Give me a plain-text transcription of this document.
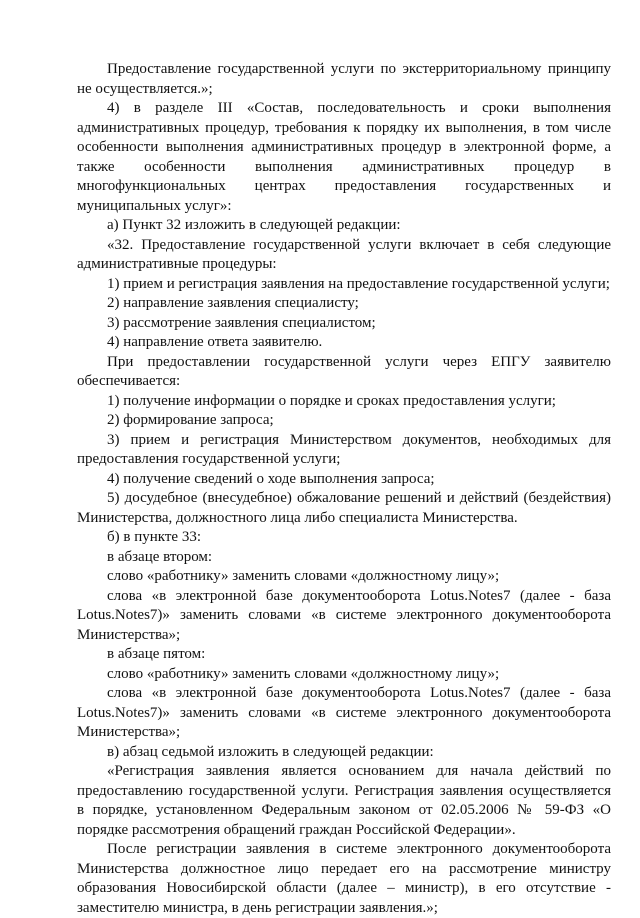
Предоставление государственной услуги по экстерриториальному принципу не осуществляется.»;

4) в разделе III «Состав, последовательность и сроки выполнения административных процедур, требования к порядку их выполнения, в том числе особенности выполнения административных процедур в электронной форме, а также особенности выполнения административных процедур в многофункциональных центрах предоставления государственных и муниципальных услуг»:

а) Пункт 32 изложить в следующей редакции:

«32. Предоставление государственной услуги включает в себя следующие административные процедуры:

1) прием и регистрация заявления на предоставление государственной услуги;

2) направление заявления специалисту;

3) рассмотрение заявления специалистом;

4) направление ответа заявителю.

При предоставлении государственной услуги через ЕПГУ заявителю обеспечивается:

1) получение информации о порядке и сроках предоставления услуги;

2) формирование запроса;

3) прием и регистрация Министерством документов, необходимых для предоставления государственной услуги;

4) получение сведений о ходе выполнения запроса;

5) досудебное (внесудебное) обжалование решений и действий (бездействия) Министерства, должностного лица либо специалиста Министерства.

б) в пункте 33:

в абзаце втором:

слово «работнику» заменить словами «должностному лицу»;

слова «в электронной базе документооборота Lotus.Notes7 (далее - база Lotus.Notes7)» заменить словами «в системе электронного документооборота Министерства»;

в абзаце пятом:

слово «работнику» заменить словами «должностному лицу»;

слова «в электронной базе документооборота Lotus.Notes7 (далее - база Lotus.Notes7)» заменить словами «в системе электронного документооборота Министерства»;

в) абзац седьмой изложить в следующей редакции:

«Регистрация заявления является основанием для начала действий по предоставлению государственной услуги. Регистрация заявления осуществляется в порядке, установленном Федеральным законом от 02.05.2006 № 59-ФЗ «О порядке рассмотрения обращений граждан Российской Федерации».

После регистрации заявления в системе электронного документооборота Министерства должностное лицо передает его на рассмотрение министру образования Новосибирской области (далее – министр), в его отсутствие - заместителю министра, в день регистрации заявления.»;
